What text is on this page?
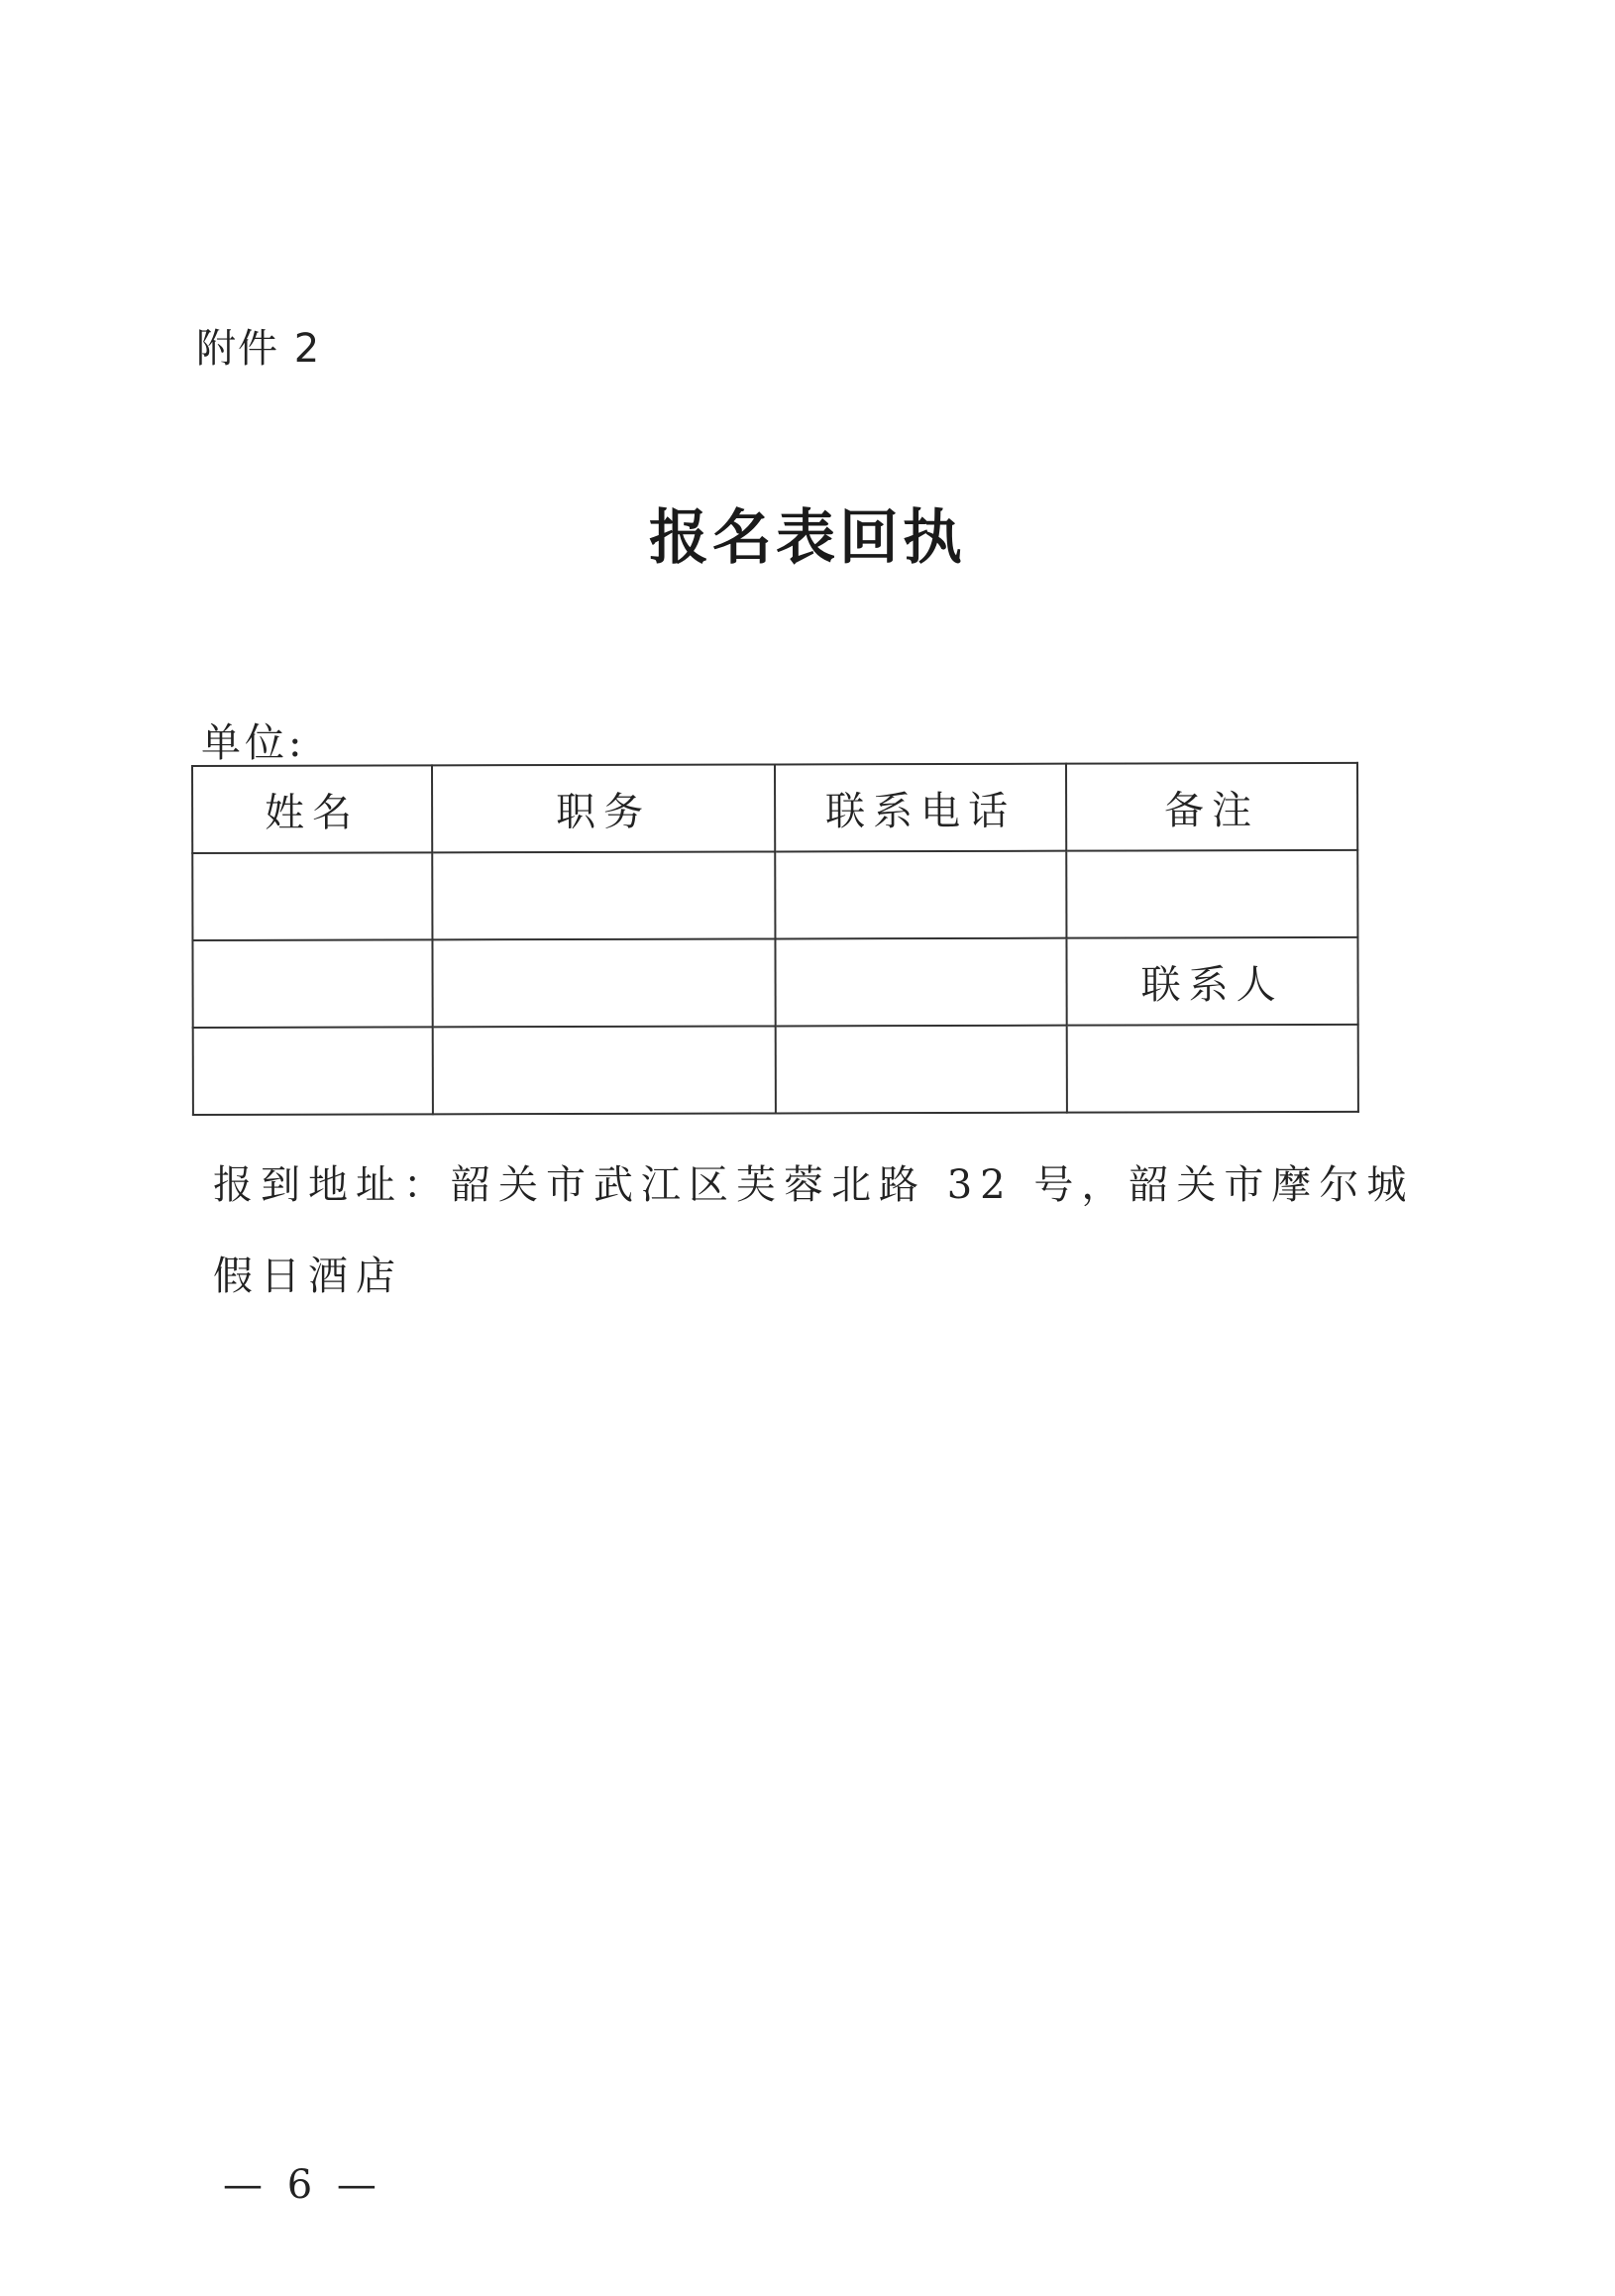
附件 2
报名表回执
单位:
姓名	职务	联系电话	备注

			联系人

报到地址：韶关市武江区芙蓉北路 32 号，韶关市摩尔城假日酒店
— 6 —
